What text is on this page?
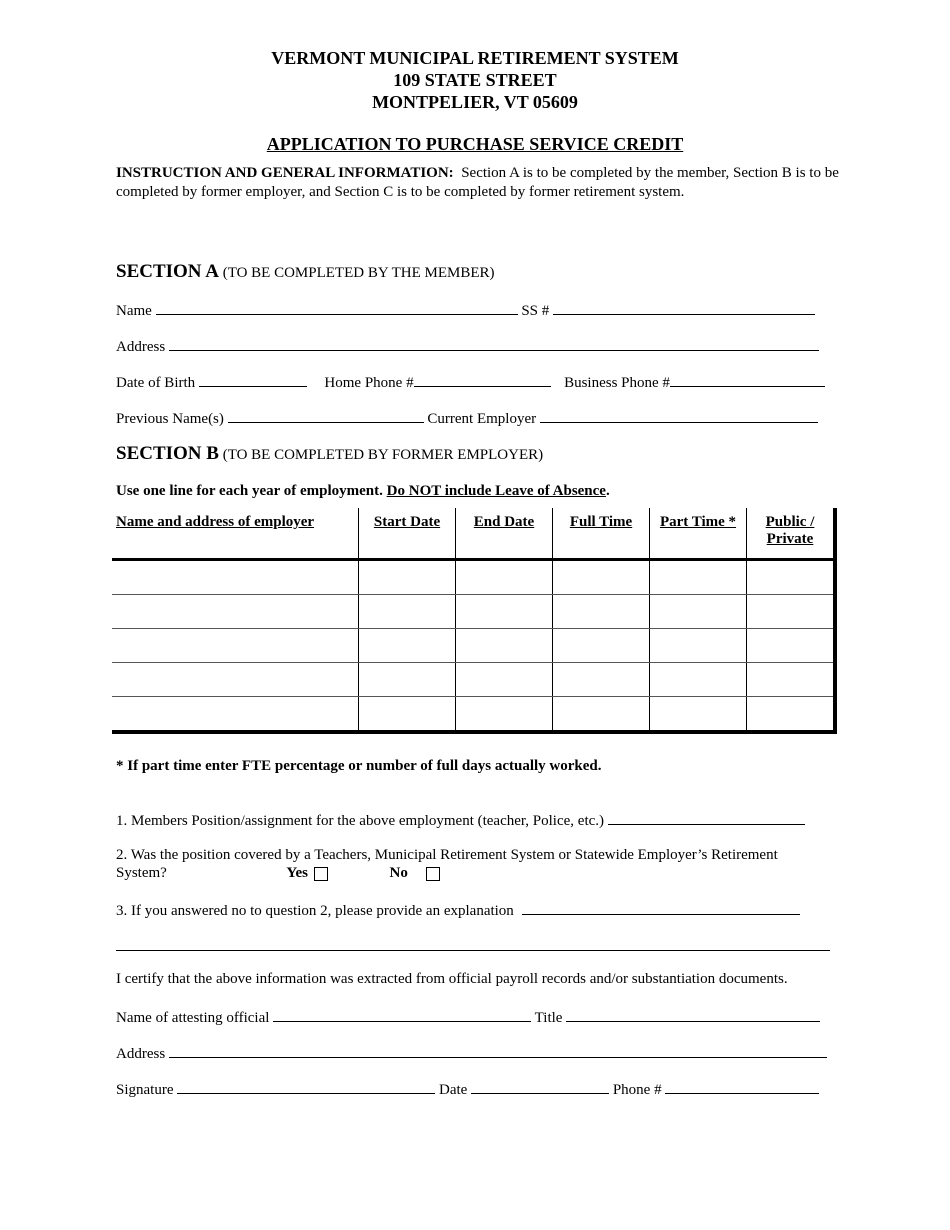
VERMONT MUNICIPAL RETIREMENT SYSTEM
109 STATE STREET
MONTPELIER, VT 05609
APPLICATION TO PURCHASE SERVICE CREDIT
INSTRUCTION AND GENERAL INFORMATION: Section A is to be completed by the member, Section B is to be completed by former employer, and Section C is to be completed by former retirement system.
SECTION A (TO BE COMPLETED BY THE MEMBER)
Name	SS #
Address
Date of Birth	Home Phone #	Business Phone #
Previous Name(s)	Current Employer
SECTION B (TO BE COMPLETED BY FORMER EMPLOYER)
Use one line for each year of employment. Do NOT include Leave of Absence.
Name and address of employer	Start Date	End Date	Full Time	Part Time *	Public / Private

* If part time enter FTE percentage or number of full days actually worked.
1. Members Position/assignment for the above employment (teacher, Police, etc.)
2. Was the position covered by a Teachers, Municipal Retirement System or Statewide Employer’s Retirement
System?	Yes	No
3. If you answered no to question 2, please provide an explanation
I certify that the above information was extracted from official payroll records and/or substantiation documents.
Name of attesting official	Title
Address
Signature	Date	Phone #
